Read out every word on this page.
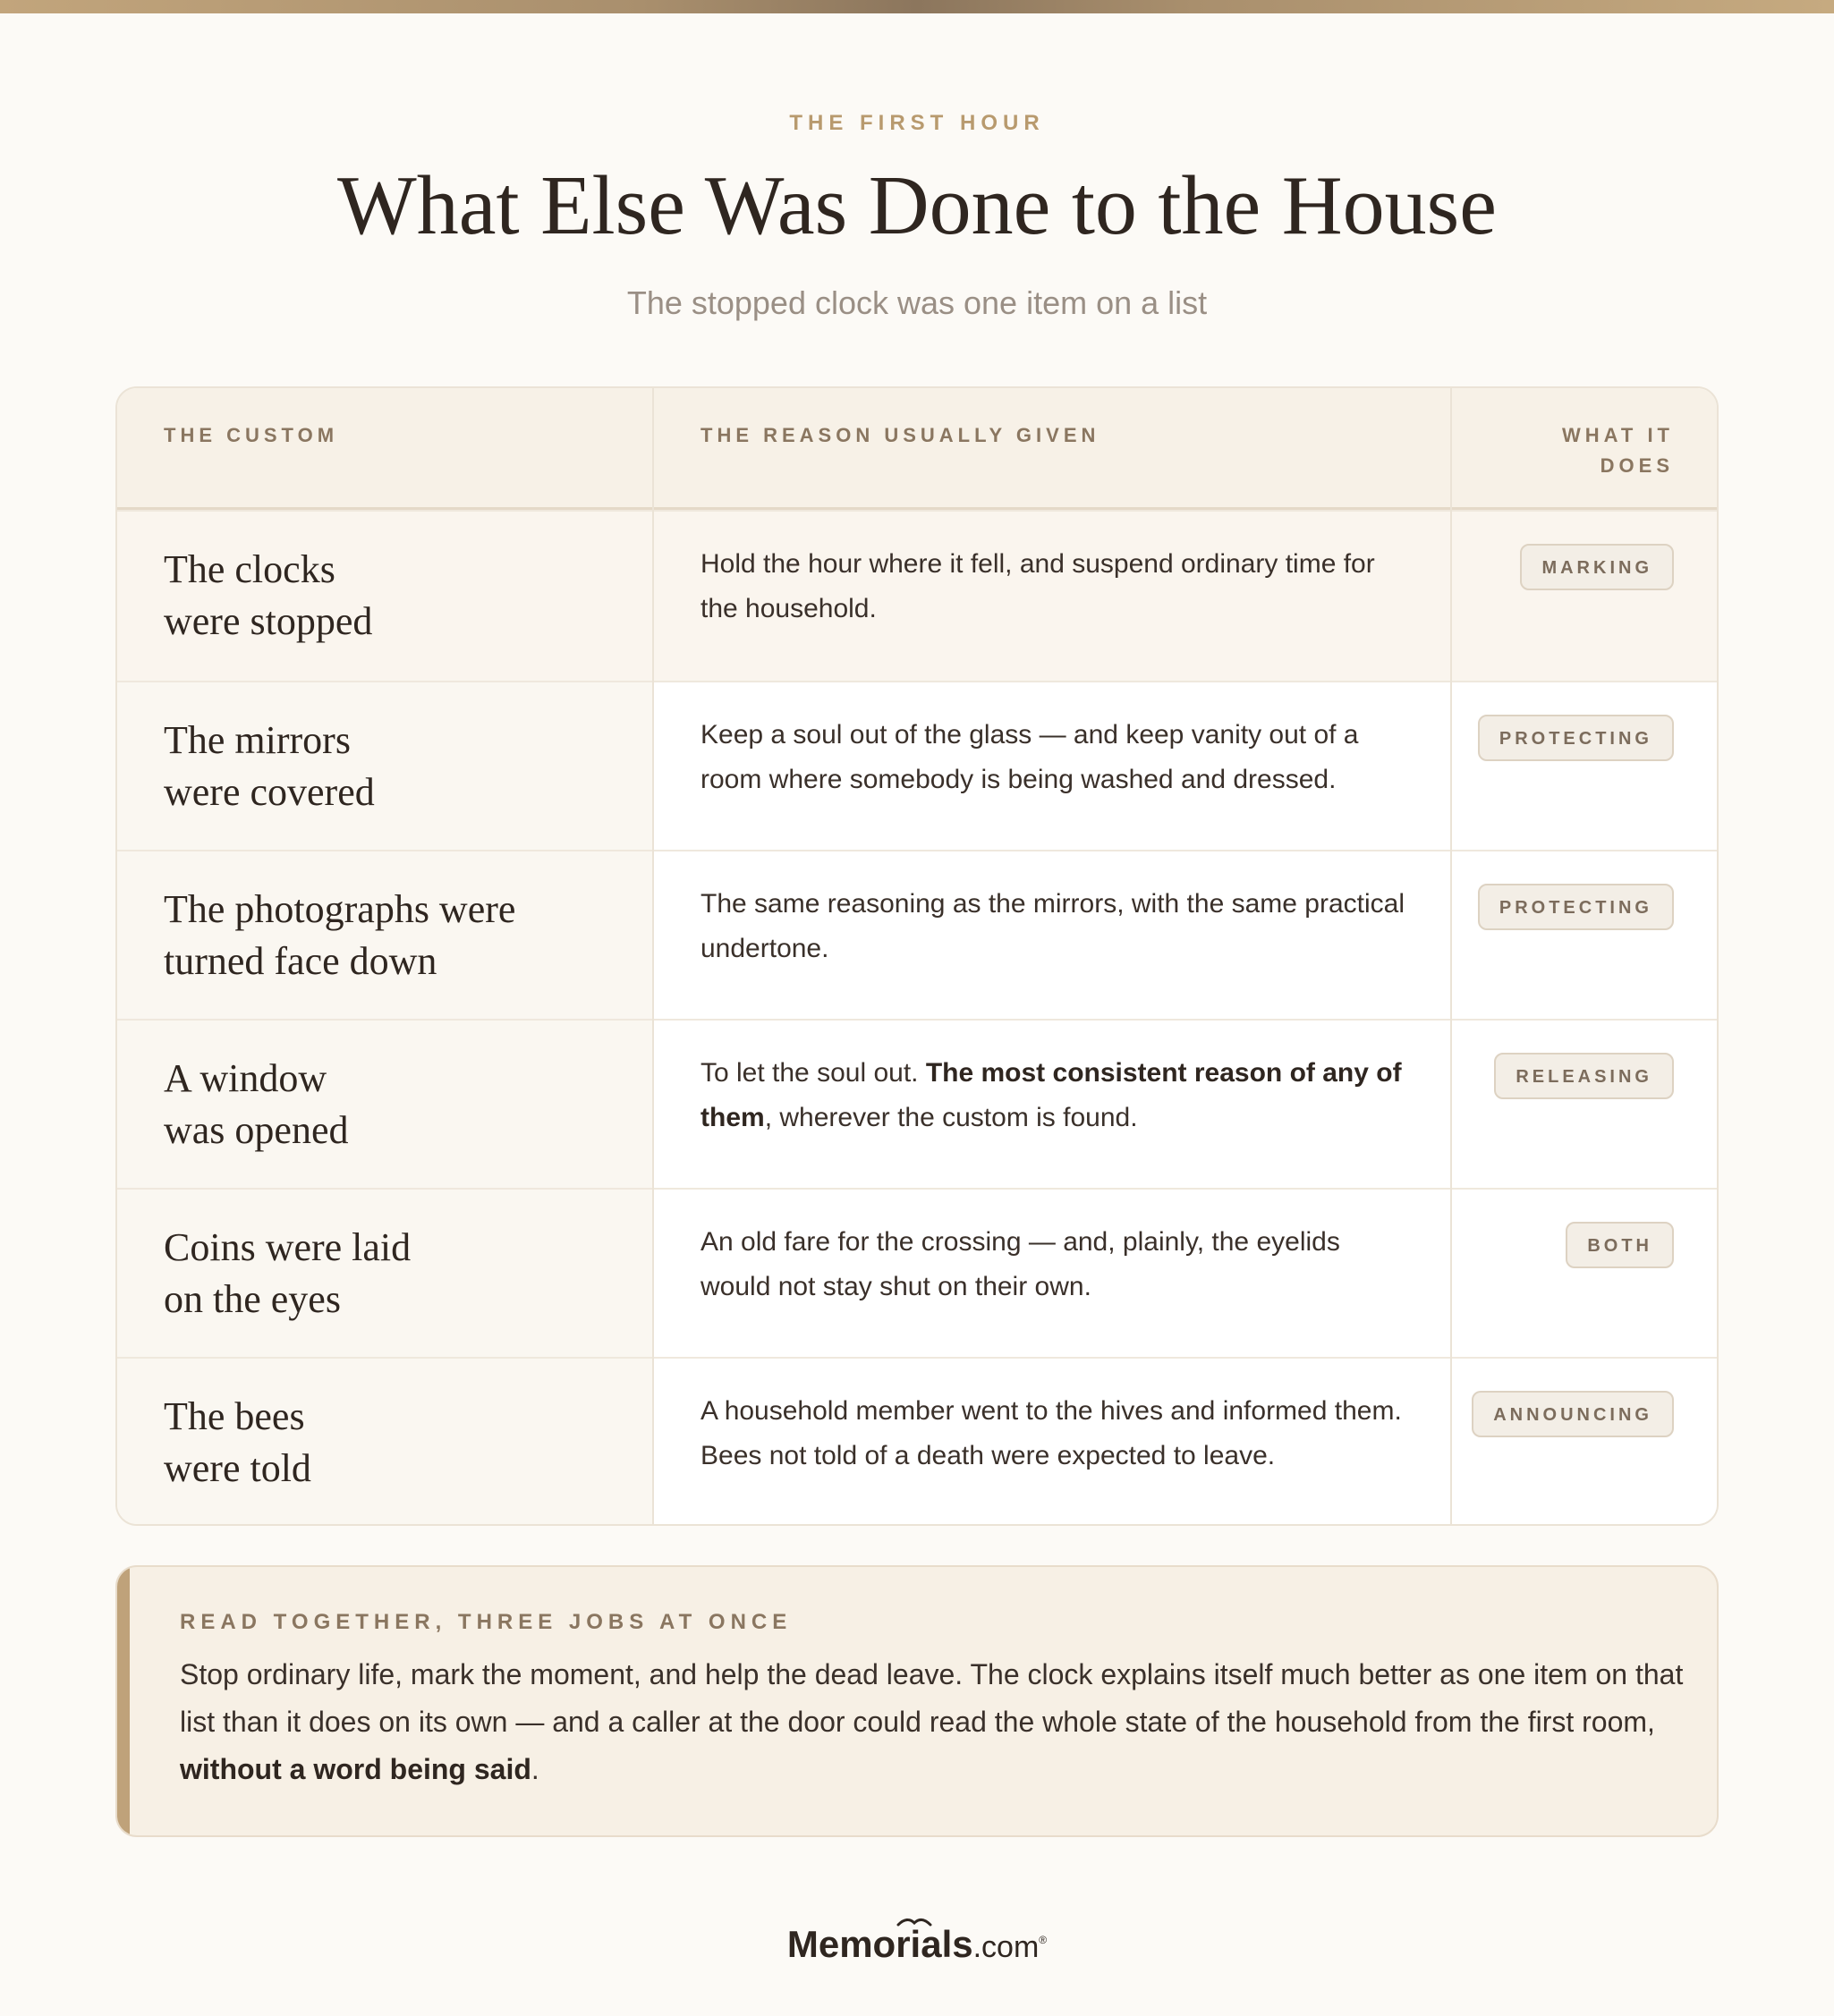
THE FIRST HOUR
What Else Was Done to the House
The stopped clock was one item on a list
THE CUSTOM	THE REASON USUALLY GIVEN	WHAT IT
DOES
The clocks
were stopped
Hold the hour where it fell, and suspend ordinary time for the household.
MARKING
The mirrors
were covered
Keep a soul out of the glass — and keep vanity out of a room where somebody is being washed and dressed.
PROTECTING
The photographs were
turned face down
The same reasoning as the mirrors, with the same practical undertone.
PROTECTING
A window
was opened
To let the soul out. The most consistent reason of any of them, wherever the custom is found.
RELEASING
Coins were laid
on the eyes
An old fare for the crossing — and, plainly, the eyelids would not stay shut on their own.
BOTH
The bees
were told
A household member went to the hives and informed them. Bees not told of a death were expected to leave.
ANNOUNCING
READ TOGETHER, THREE JOBS AT ONCE
Stop ordinary life, mark the moment, and help the dead leave. The clock explains itself much better as one item on that list than it does on its own — and a caller at the door could read the whole state of the household from the first room, without a word being said.
Memorials.com®
